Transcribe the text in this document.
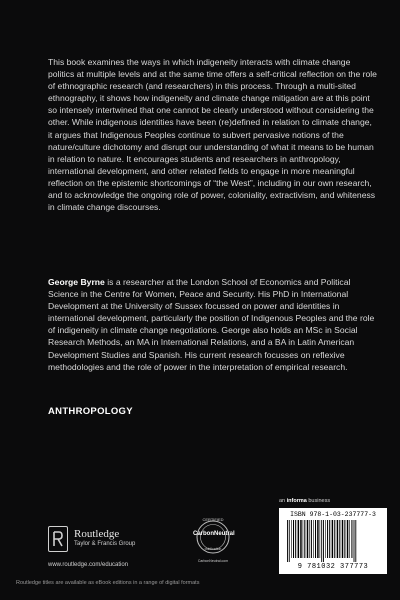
This book examines the ways in which indigeneity interacts with climate change politics at multiple levels and at the same time offers a self-critical reflection on the role of ethnographic research (and researchers) in this process. Through a multi-sited ethnography, it shows how indigeneity and climate change mitigation are at this point so intensely intertwined that one cannot be clearly understood without considering the other. While indigenous identities have been (re)defined in relation to climate change, it argues that Indigenous Peoples continue to subvert pervasive notions of the nature/culture dichotomy and disrupt our understanding of what it means to be human in relation to nature. It encourages students and researchers in anthropology, international development, and other related fields to engage in more meaningful reflection on the epistemic shortcomings of “the West”, including in our own research, and to acknowledge the ongoing role of power, coloniality, extractivism, and whiteness in climate change discourses.

George Byrne is a researcher at the London School of Economics and Political Science in the Centre for Women, Peace and Security. His PhD in International Development at the University of Sussex focussed on power and identities in international development, particularly the position of Indigenous Peoples and the role of indigeneity in climate change negotiations. George also holds an MSc in Social Research Methods, an MA in International Relations, and a BA in Latin American Development Studies and Spanish. His current research focusses on reflexive methodologies and the role of power in the interpretation of empirical research.

ANTHROPOLOGY
Routledge
Taylor & Francis Group
www.routledge.com/education
CERTIFIED
CarbonNeutral
publication
CarbonNeutral.com
an informa business
ISBN 978-1-03-237777-3
9 781032 377773
Routledge titles are available as eBook editions in a range of digital formats
